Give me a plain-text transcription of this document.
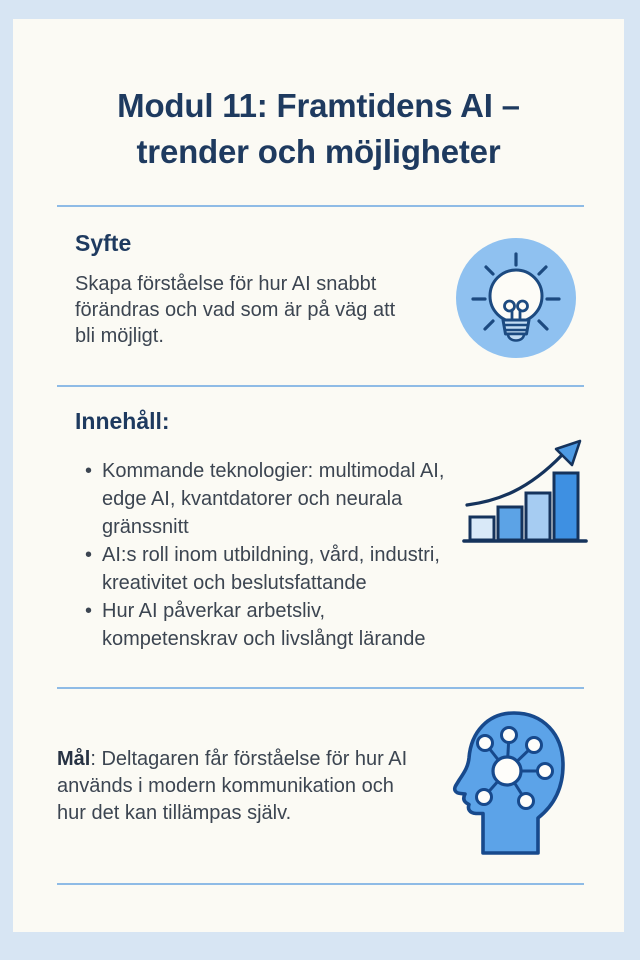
Modul 11: Framtidens AI – trender och möjligheter
Syfte

Skapa förståelse för hur AI snabbt förändras och vad som är på väg att bli möjligt.

Innehåll:
• Kommande teknologier: multimodal AI, edge AI, kvantdatorer och neurala gränssnitt
• AI:s roll inom utbildning, vård, industri, kreativitet och beslutsfattande
• Hur AI påverkar arbetsliv, kompetenskrav och livslångt lärande

Mål: Deltagaren får förståelse för hur AI används i modern kommunikation och hur det kan tillämpas själv.
